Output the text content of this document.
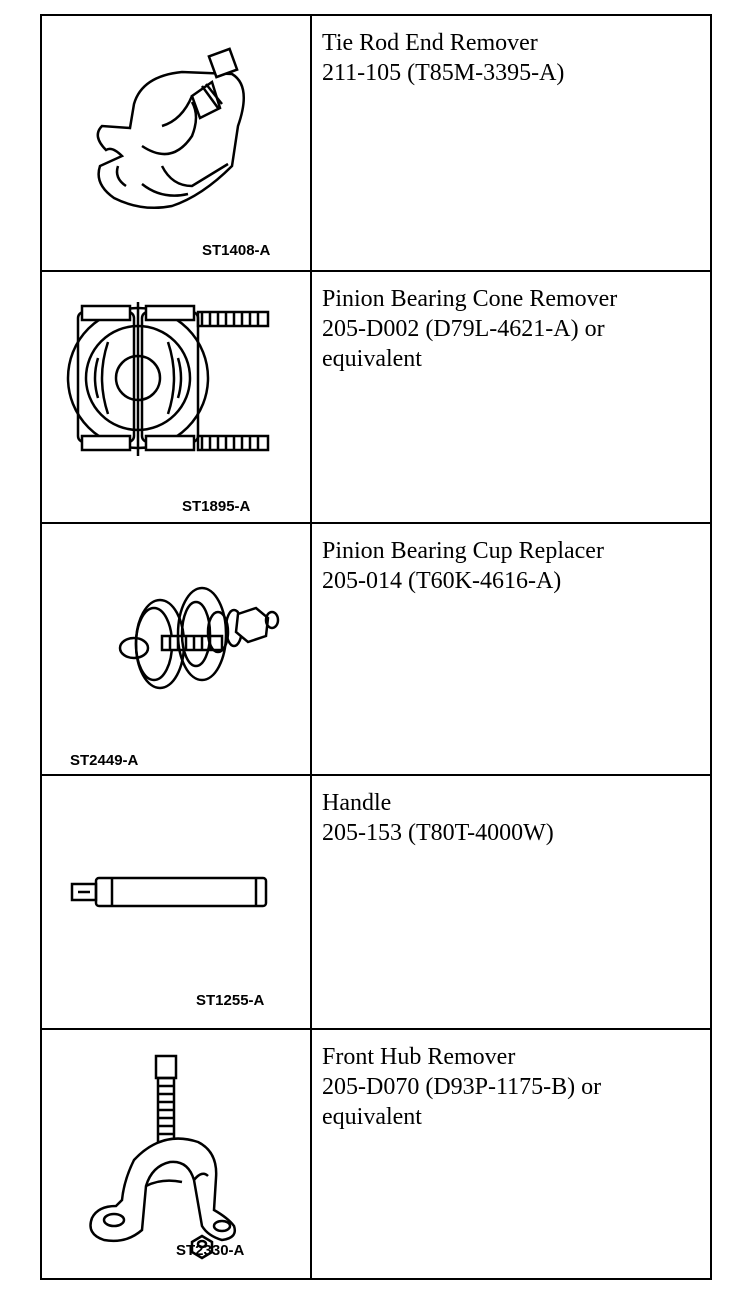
ST1408-A
Tie Rod End Remover
211-105 (T85M-3395-A)
ST1895-A
Pinion Bearing Cone Remover
205-D002 (D79L-4621-A) or
equivalent
ST2449-A
Pinion Bearing Cup Replacer
205-014 (T60K-4616-A)
ST1255-A
Handle
205-153 (T80T-4000W)
ST2330-A
Front Hub Remover
205-D070 (D93P-1175-B) or
equivalent
